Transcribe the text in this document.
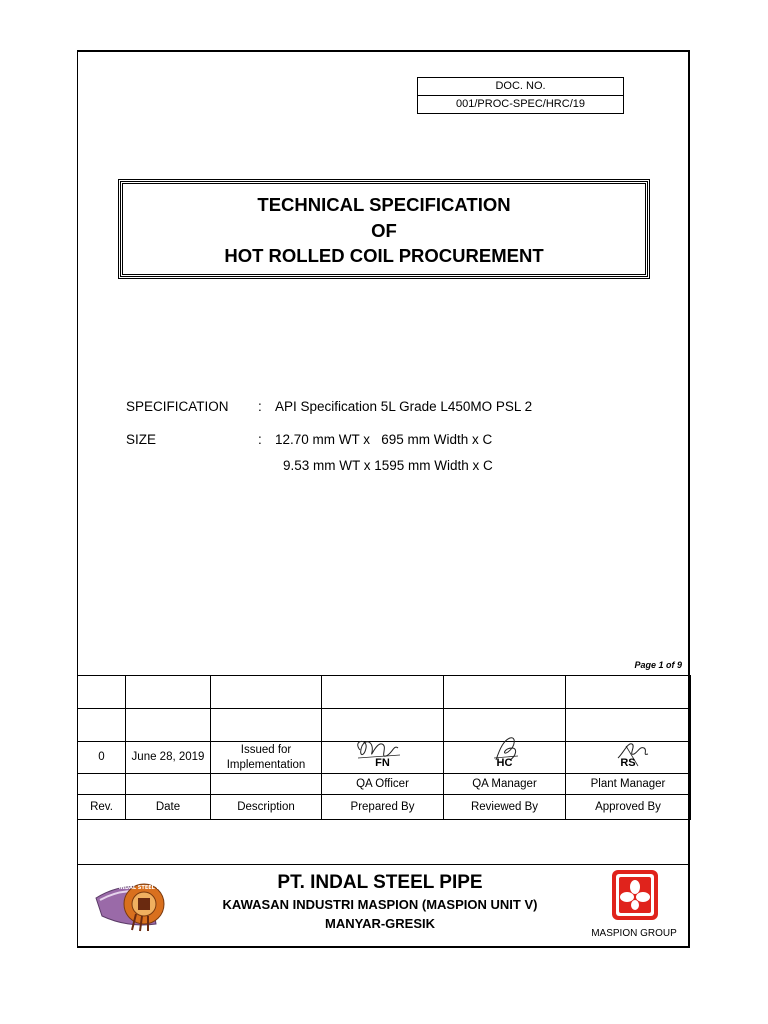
DOC. NO.
001/PROC-SPEC/HRC/19
TECHNICAL SPECIFICATION
OF
HOT ROLLED COIL PROCUREMENT
SPECIFICATION : API Specification 5L Grade L450MO PSL 2
SIZE	: 12.70 mm WT x   695 mm Width x C
9.53 mm WT x 1595 mm Width x C
Page 1 of 9

0	June 28, 2019	Issued for
Implementation	FN	HC	RS

			QA Officer	QA Manager	Plant Manager
Rev.	Date	Description	Prepared By	Reviewed By	Approved By
INDAL STEEL PIPE	PT. INDAL STEEL PIPE
KAWASAN INDUSTRI MASPION (MASPION UNIT V)
MANYAR-GRESIK
MASPION GROUP
